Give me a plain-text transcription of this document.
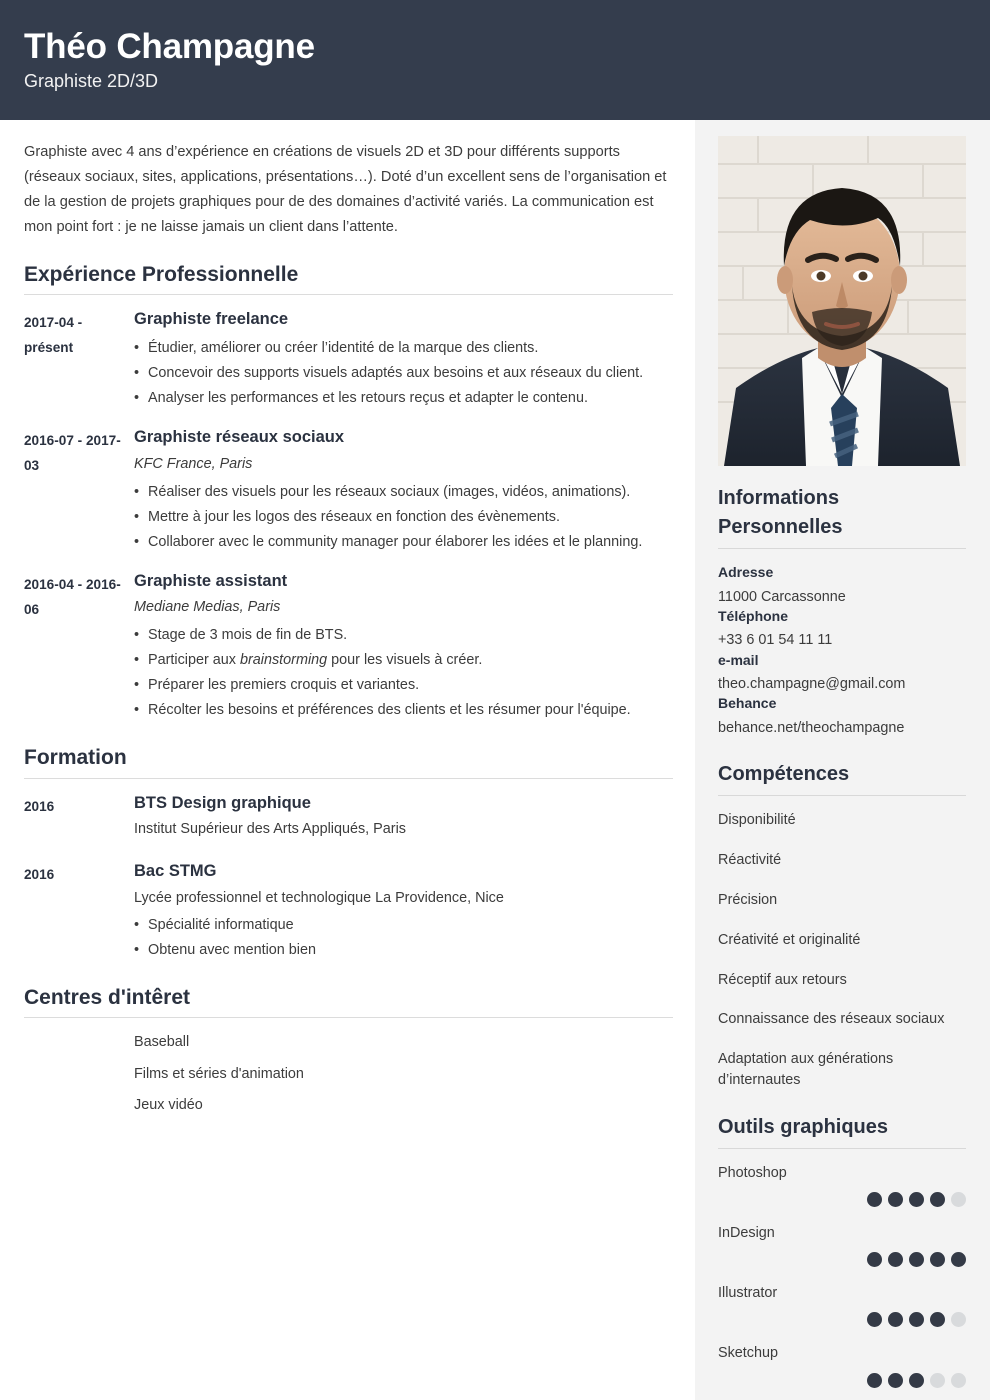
Théo Champagne
Graphiste 2D/3D

Graphiste avec 4 ans d’expérience en créations de visuels 2D et 3D pour différents supports (réseaux sociaux, sites, applications, présentations…). Doté d’un excellent sens de l’organisation et de la gestion de projets graphiques pour de des domaines d’activité variés. La communication est mon point fort : je ne laisse jamais un client dans l’attente.

Expérience Professionnelle
2017-04 - présent
Graphiste freelance
• Étudier, améliorer ou créer l’identité de la marque des clients.
• Concevoir des supports visuels adaptés aux besoins et aux réseaux du client.
• Analyser les performances et les retours reçus et adapter le contenu.
2016-07 - 2017-03
Graphiste réseaux sociaux
KFC France, Paris
• Réaliser des visuels pour les réseaux sociaux (images, vidéos, animations).
• Mettre à jour les logos des réseaux en fonction des évènements.
• Collaborer avec le community manager pour élaborer les idées et le planning.
2016-04 - 2016-06
Graphiste assistant
Mediane Medias, Paris
• Stage de 3 mois de fin de BTS.
• Participer aux brainstorming pour les visuels à créer.
• Préparer les premiers croquis et variantes.
• Récolter les besoins et préférences des clients et les résumer pour l'équipe.
Formation
2016	BTS Design graphique
Institut Supérieur des Arts Appliqués, Paris
2016	Bac STMG
Lycée professionnel et technologique La Providence, Nice
• Spécialité informatique
• Obtenu avec mention bien
Centres d'intêret
Baseball
Films et séries d'animation
Jeux vidéo
Informations Personnelles
Adresse
11000 Carcassonne
Téléphone
+33 6 01 54 11 11
e-mail
theo.champagne@gmail.com
Behance
behance.net/theochampagne
Compétences
Disponibilité
Réactivité
Précision
Créativité et originalité
Réceptif aux retours
Connaissance des réseaux sociaux
Adaptation aux générations d’internautes
Outils graphiques
Photoshop
InDesign
Illustrator
Sketchup
